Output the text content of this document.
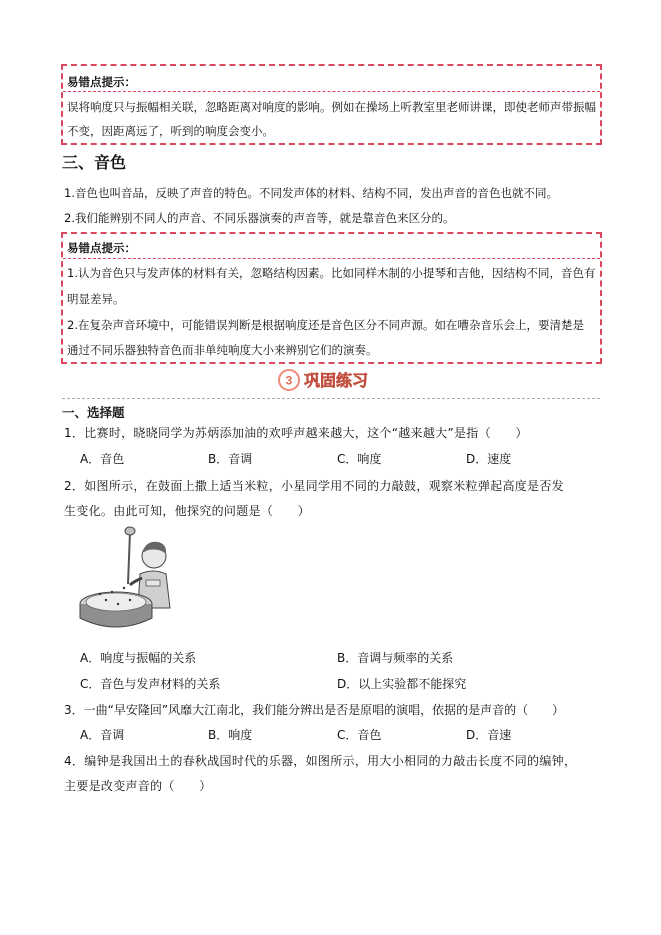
易错点提示：
误将响度只与振幅相关联，忽略距离对响度的影响。例如在操场上听教室里老师讲课，即使老师声带振幅
不变，因距离远了，听到的响度会变小。
三、音色
1.音色也叫音品，反映了声音的特色。不同发声体的材料、结构不同，发出声音的音色也就不同。
2.我们能辨别不同人的声音、不同乐器演奏的声音等，就是靠音色来区分的。
易错点提示：
1.认为音色只与发声体的材料有关，忽略结构因素。比如同样木制的小提琴和吉他，因结构不同，音色有
明显差异。
2.在复杂声音环境中，可能错误判断是根据响度还是音色区分不同声源。如在嘈杂音乐会上，要清楚是
通过不同乐器独特音色而非单纯响度大小来辨别它们的演奏。
3 巩固练习
一、选择题
1．比赛时，晓晓同学为苏炳添加油的欢呼声越来越大，这个“越来越大”是指（　　）
A．音色	B．音调	C．响度	D．速度
2．如图所示，在鼓面上撒上适当米粒，小星同学用不同的力敲鼓，观察米粒弹起高度是否发
生变化。由此可知，他探究的问题是（　　）
A．响度与振幅的关系	B．音调与频率的关系
C．音色与发声材料的关系	D．以上实验都不能探究
3．一曲“早安隆回”风靡大江南北，我们能分辨出是否是原唱的演唱，依据的是声音的（　　）
A．音调	B．响度	C．音色	D．音速
4．编钟是我国出土的春秋战国时代的乐器，如图所示，用大小相同的力敲击长度不同的编钟，
主要是改变声音的（　　）
